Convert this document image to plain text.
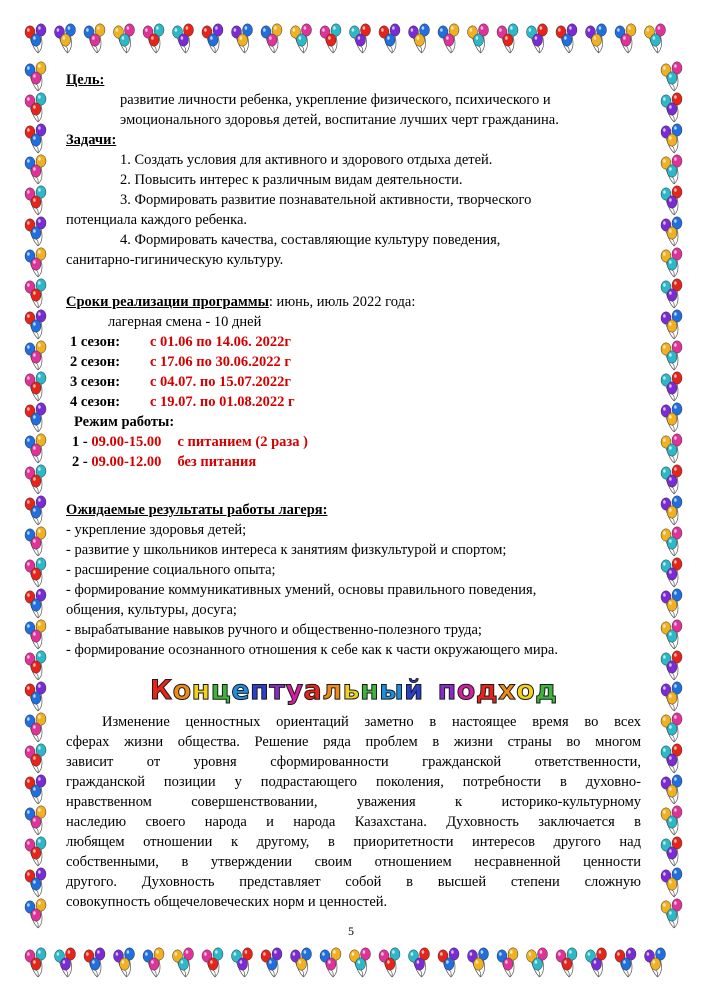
Цель:
развитие личности ребенка, укрепление физического, психического и
эмоционального здоровья детей, воспитание лучших черт гражданина.
Задачи:
1. Создать условия для активного и здорового отдыха детей.
2. Повысить интерес к различным видам деятельности.
3. Формировать развитие познавательной активности, творческого
потенциала каждого ребенка.
4. Формировать качества, составляющие культуру поведения,
санитарно-гигиническую культуру.
Сроки реализации программы: июнь, июль 2022 года:
лагерная смена - 10 дней
1 сезон: с 01.06 по 14.06. 2022г
2 сезон: с 17.06 по 30.06.2022 г
3 сезон: с 04.07. по 15.07.2022г
4 сезон: с 19.07. по 01.08.2022 г
Режим работы:
1 - 09.00-15.00 с питанием (2 раза )
2 - 09.00-12.00 без питания
Ожидаемые результаты работы лагеря:
- укрепление здоровья детей;
- развитие у школьников интереса к занятиям физкультурой и спортом;
- расширение социального опыта;
- формирование коммуникативных умений, основы правильного поведения,
общения, культуры, досуга;
- вырабатывание навыков ручного и общественно-полезного труда;
- формирование осознанного отношения к себе как к части окружающего мира.
Изменение ценностных ориентаций заметно в настоящее время во всех
сферах жизни общества. Решение ряда проблем в жизни страны во многом
зависит от уровня сформированности гражданской ответственности,
гражданской позиции у подрастающего поколения, потребности в духовно-
нравственном совершенствовании, уважения к историко-культурному
наследию своего народа и народа Казахстана. Духовность заключается в
любящем отношении к другому, в приоритетности интересов другого над
собственными, в утверждении своим отношением несравненной ценности
другого. Духовность представляет собой в высшей степени сложную
совокупность общечеловеческих норм и ценностей.
Концептуальный подход
5
